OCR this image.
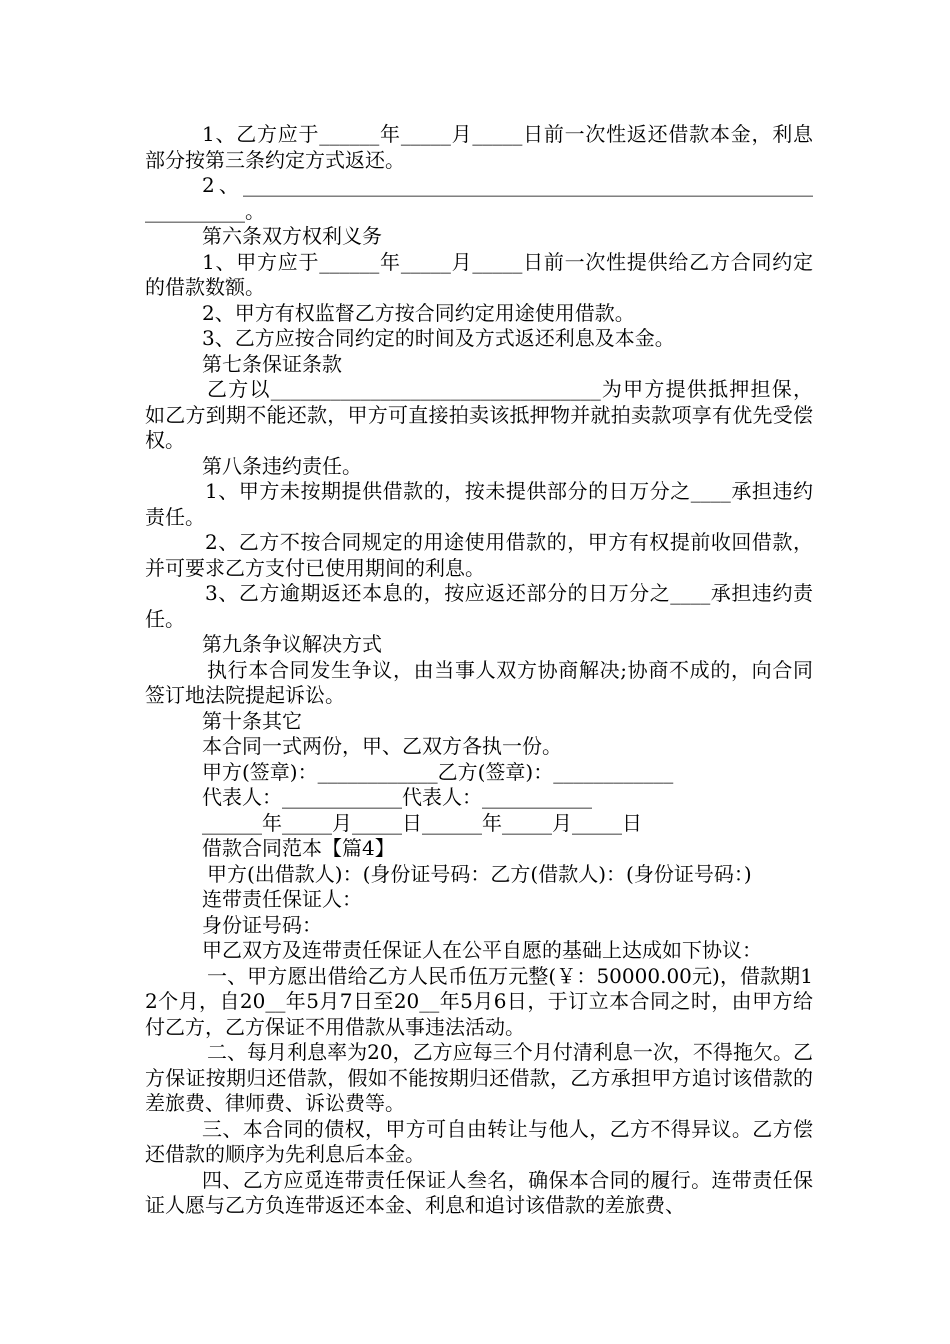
1、乙方应于______年_____月_____日前一次性返还借款本金，利息部分按第三条约定方式返还。

2、___________________________________________________________________。

第六条双方权利义务

1、甲方应于______年_____月_____日前一次性提供给乙方合同约定的借款数额。

2、甲方有权监督乙方按合同约定用途使用借款。

3、乙方应按合同约定的时间及方式返还利息及本金。

第七条保证条款

乙方以_________________________________为甲方提供抵押担保，如乙方到期不能还款，甲方可直接拍卖该抵押物并就拍卖款项享有优先受偿权。

第八条违约责任。

1、甲方未按期提供借款的，按未提供部分的日万分之____承担违约责任。

2、乙方不按合同规定的用途使用借款的，甲方有权提前收回借款，并可要求乙方支付已使用期间的利息。

3、乙方逾期返还本息的，按应返还部分的日万分之____承担违约责任。

第九条争议解决方式

执行本合同发生争议，由当事人双方协商解决;协商不成的，向合同签订地法院提起诉讼。

第十条其它

本合同一式两份，甲、乙双方各执一份。

甲方(签章)：____________乙方(签章)：____________

代表人：____________代表人：___________

______年_____月_____日______年_____月_____日

借款合同范本【篇4】

甲方(出借款人)：(身份证号码：乙方(借款人)：(身份证号码：)

连带责任保证人：

身份证号码：

甲乙双方及连带责任保证人在公平自愿的基础上达成如下协议：

一、甲方愿出借给乙方人民币伍万元整(￥：50000.00元)，借款期12个月，自20__年5月7日至20__年5月6日，于订立本合同之时，由甲方给付乙方，乙方保证不用借款从事违法活动。

二、每月利息率为20，乙方应每三个月付清利息一次，不得拖欠。乙方保证按期归还借款，假如不能按期归还借款，乙方承担甲方追讨该借款的差旅费、律师费、诉讼费等。

三、本合同的债权，甲方可自由转让与他人，乙方不得异议。乙方偿还借款的顺序为先利息后本金。

四、乙方应觅连带责任保证人叁名，确保本合同的履行。连带责任保证人愿与乙方负连带返还本金、利息和追讨该借款的差旅费、
